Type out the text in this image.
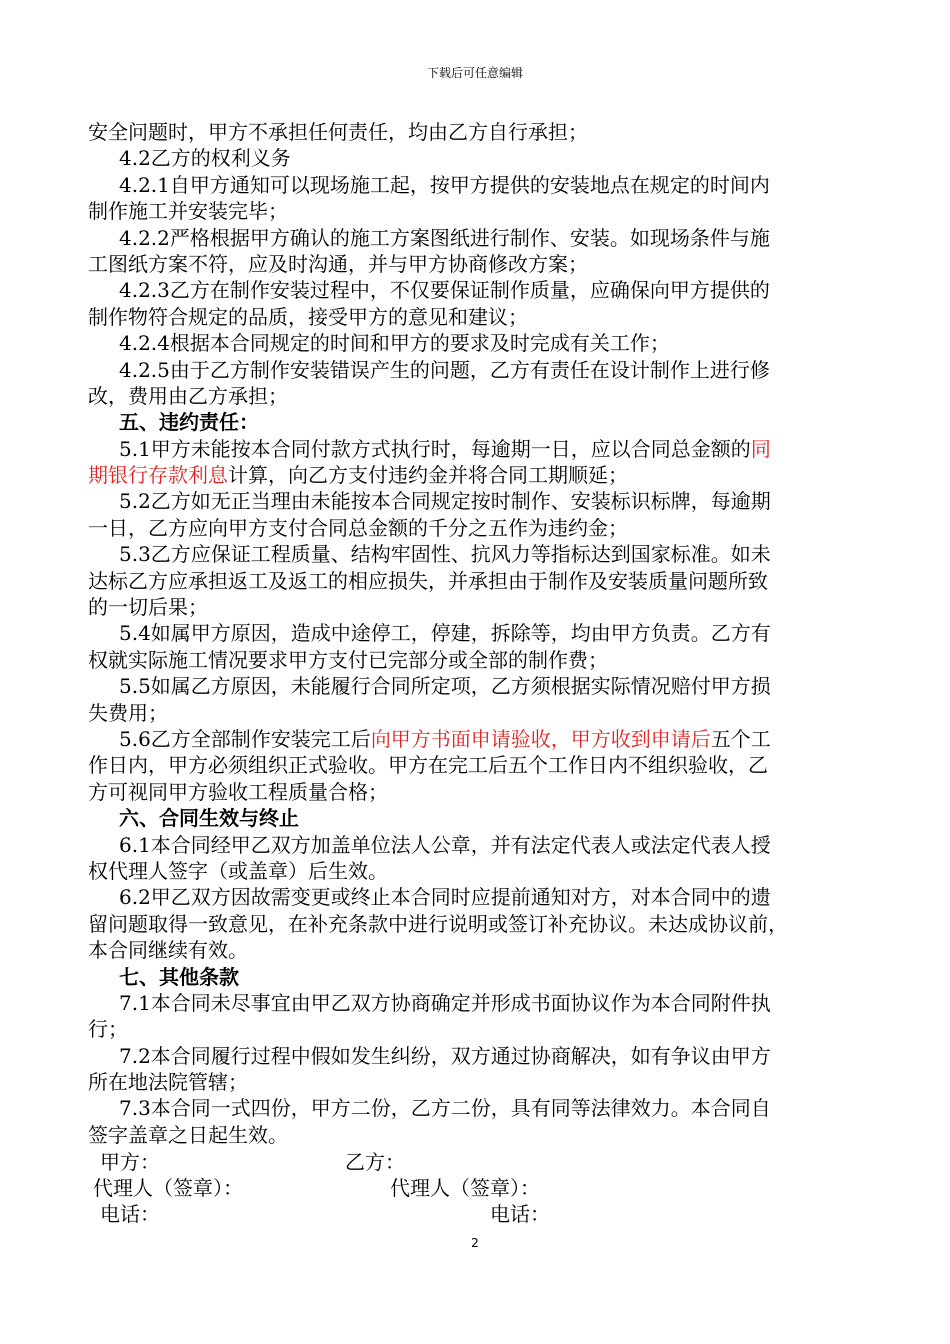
下载后可任意编辑
安全问题时，甲方不承担任何责任，均由乙方自行承担；
4.2乙方的权利义务
4.2.1自甲方通知可以现场施工起，按甲方提供的安装地点在规定的时间内
制作施工并安装完毕；
4.2.2严格根据甲方确认的施工方案图纸进行制作、安装。如现场条件与施
工图纸方案不符，应及时沟通，并与甲方协商修改方案；
4.2.3乙方在制作安装过程中，不仅要保证制作质量，应确保向甲方提供的
制作物符合规定的品质，接受甲方的意见和建议；
4.2.4根据本合同规定的时间和甲方的要求及时完成有关工作；
4.2.5由于乙方制作安装错误产生的问题，乙方有责任在设计制作上进行修
改，费用由乙方承担；
五、违约责任：
5.1甲方未能按本合同付款方式执行时，每逾期一日，应以合同总金额的同
期银行存款利息计算，向乙方支付违约金并将合同工期顺延；
5.2乙方如无正当理由未能按本合同规定按时制作、安装标识标牌，每逾期
一日，乙方应向甲方支付合同总金额的千分之五作为违约金；
5.3乙方应保证工程质量、结构牢固性、抗风力等指标达到国家标准。如未
达标乙方应承担返工及返工的相应损失，并承担由于制作及安装质量问题所致
的一切后果；
5.4如属甲方原因，造成中途停工，停建，拆除等，均由甲方负责。乙方有
权就实际施工情况要求甲方支付已完部分或全部的制作费；
5.5如属乙方原因，未能履行合同所定项，乙方须根据实际情况赔付甲方损
失费用；
5.6乙方全部制作安装完工后向甲方书面申请验收，甲方收到申请后五个工
作日内，甲方必须组织正式验收。甲方在完工后五个工作日内不组织验收，乙
方可视同甲方验收工程质量合格；
六、合同生效与终止
6.1本合同经甲乙双方加盖单位法人公章，并有法定代表人或法定代表人授
权代理人签字（或盖章）后生效。
6.2甲乙双方因故需变更或终止本合同时应提前通知对方，对本合同中的遗
留问题取得一致意见，在补充条款中进行说明或签订补充协议。未达成协议前，
本合同继续有效。
七、其他条款
7.1本合同未尽事宜由甲乙双方协商确定并形成书面协议作为本合同附件执
行；
7.2本合同履行过程中假如发生纠纷，双方通过协商解决，如有争议由甲方
所在地法院管辖；
7.3本合同一式四份，甲方二份，乙方二份，具有同等法律效力。本合同自
签字盖章之日起生效。
甲方：	乙方：
代理人（签章）：	代理人（签章）：
电话：	电话：
2
